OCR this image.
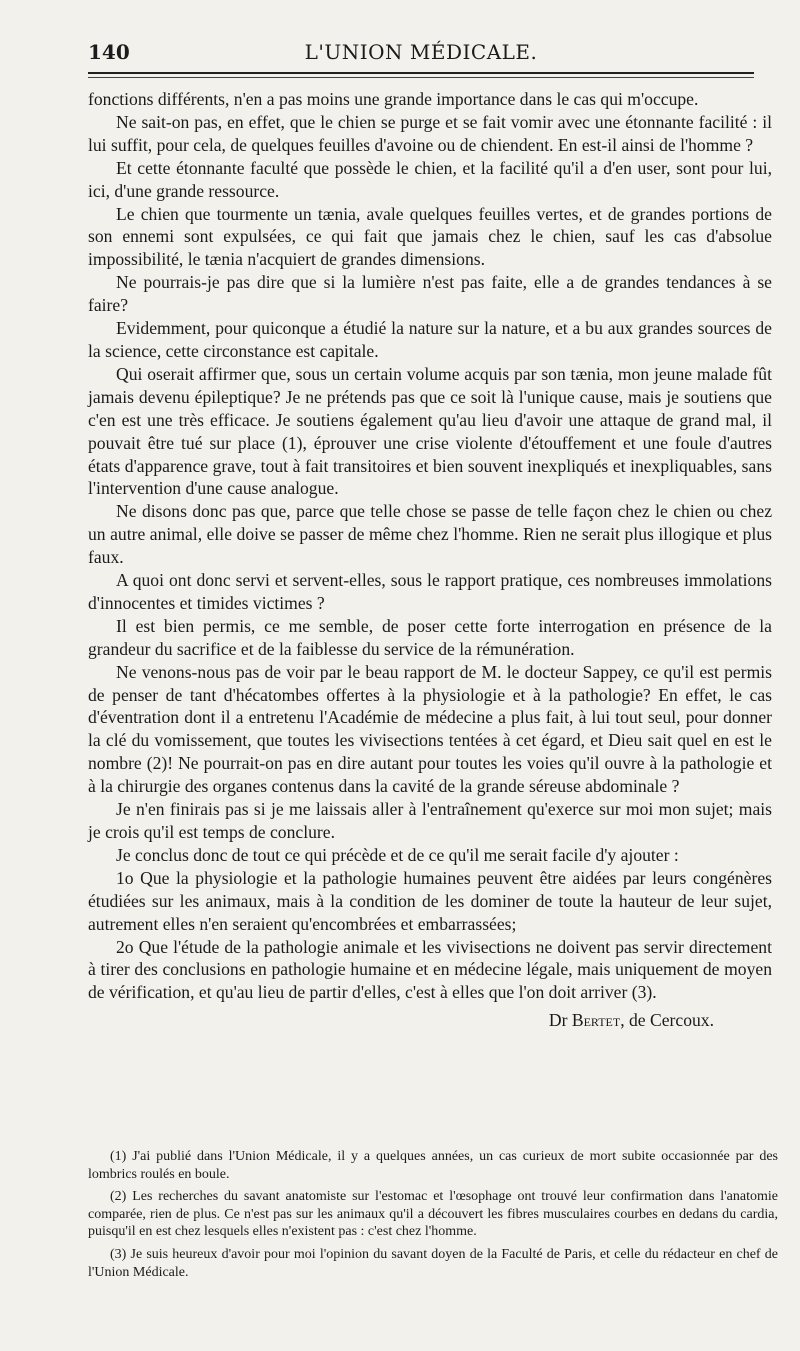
140	L'UNION MÉDICALE.

fonctions différents, n'en a pas moins une grande importance dans le cas qui m'occupe.

Ne sait-on pas, en effet, que le chien se purge et se fait vomir avec une étonnante facilité : il lui suffit, pour cela, de quelques feuilles d'avoine ou de chiendent. En est-il ainsi de l'homme ?

Et cette étonnante faculté que possède le chien, et la facilité qu'il a d'en user, sont pour lui, ici, d'une grande ressource.

Le chien que tourmente un tænia, avale quelques feuilles vertes, et de grandes portions de son ennemi sont expulsées, ce qui fait que jamais chez le chien, sauf les cas d'absolue impossibilité, le tænia n'acquiert de grandes dimensions.

Ne pourrais-je pas dire que si la lumière n'est pas faite, elle a de grandes tendances à se faire?

Evidemment, pour quiconque a étudié la nature sur la nature, et a bu aux grandes sources de la science, cette circonstance est capitale.

Qui oserait affirmer que, sous un certain volume acquis par son tænia, mon jeune malade fût jamais devenu épileptique? Je ne prétends pas que ce soit là l'unique cause, mais je soutiens que c'en est une très efficace. Je soutiens également qu'au lieu d'avoir une attaque de grand mal, il pouvait être tué sur place (1), éprouver une crise violente d'étouffement et une foule d'autres états d'apparence grave, tout à fait transitoires et bien souvent inexpliqués et inexpliquables, sans l'intervention d'une cause analogue.

Ne disons donc pas que, parce que telle chose se passe de telle façon chez le chien ou chez un autre animal, elle doive se passer de même chez l'homme. Rien ne serait plus illogique et plus faux.

A quoi ont donc servi et servent-elles, sous le rapport pratique, ces nombreuses immolations d'innocentes et timides victimes ?

Il est bien permis, ce me semble, de poser cette forte interrogation en présence de la grandeur du sacrifice et de la faiblesse du service de la rémunération.

Ne venons-nous pas de voir par le beau rapport de M. le docteur Sappey, ce qu'il est permis de penser de tant d'hécatombes offertes à la physiologie et à la pathologie? En effet, le cas d'éventration dont il a entretenu l'Académie de médecine a plus fait, à lui tout seul, pour donner la clé du vomissement, que toutes les vivisections tentées à cet égard, et Dieu sait quel en est le nombre (2)! Ne pourrait-on pas en dire autant pour toutes les voies qu'il ouvre à la pathologie et à la chirurgie des organes contenus dans la cavité de la grande séreuse abdominale ?

Je n'en finirais pas si je me laissais aller à l'entraînement qu'exerce sur moi mon sujet; mais je crois qu'il est temps de conclure.

Je conclus donc de tout ce qui précède et de ce qu'il me serait facile d'y ajouter :

1o Que la physiologie et la pathologie humaines peuvent être aidées par leurs congénères étudiées sur les animaux, mais à la condition de les dominer de toute la hauteur de leur sujet, autrement elles n'en seraient qu'encombrées et embarrassées;

2o Que l'étude de la pathologie animale et les vivisections ne doivent pas servir directement à tirer des conclusions en pathologie humaine et en médecine légale, mais uniquement de moyen de vérification, et qu'au lieu de partir d'elles, c'est à elles que l'on doit arriver (3).

Dr Bertet, de Cercoux.

(1) J'ai publié dans l'Union Médicale, il y a quelques années, un cas curieux de mort subite occasionnée par des lombrics roulés en boule.

(2) Les recherches du savant anatomiste sur l'estomac et l'œsophage ont trouvé leur confirmation dans l'anatomie comparée, rien de plus. Ce n'est pas sur les animaux qu'il a découvert les fibres musculaires courbes en dedans du cardia, puisqu'il en est chez lesquels elles n'existent pas : c'est chez l'homme.

(3) Je suis heureux d'avoir pour moi l'opinion du savant doyen de la Faculté de Paris, et celle du rédacteur en chef de l'Union Médicale.
